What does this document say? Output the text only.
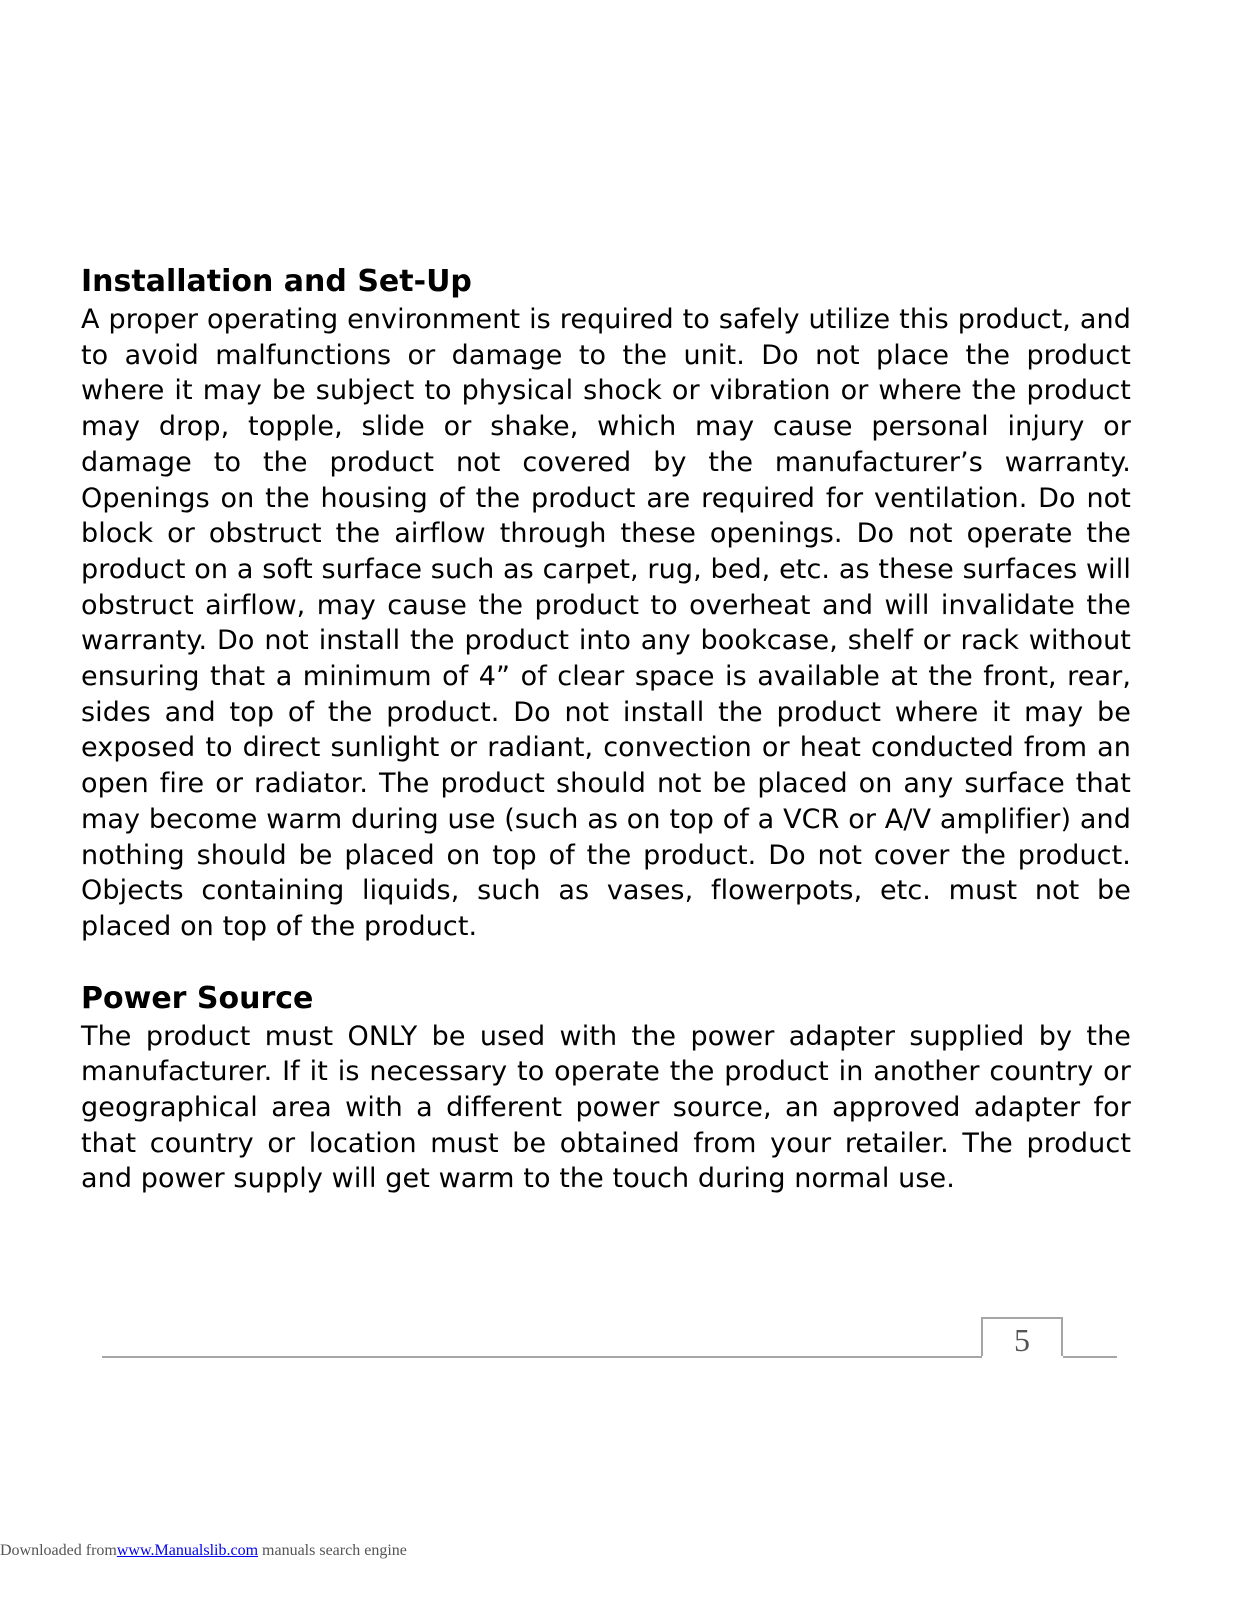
Installation and Set-Up

A proper operating environment is required to safely utilize this product, and to avoid malfunctions or damage to the unit. Do not place the product where it may be subject to physical shock or vibration or where the product may drop, topple, slide or shake, which may cause personal injury or damage to the product not covered by the manufacturer’s warranty. Openings on the housing of the product are required for ventilation. Do not block or obstruct the airflow through these openings. Do not operate the product on a soft surface such as carpet, rug, bed, etc. as these surfaces will obstruct airflow, may cause the product to overheat and will invalidate the warranty. Do not install the product into any bookcase, shelf or rack without ensuring that a minimum of 4” of clear space is available at the front, rear, sides and top of the product. Do not install the product where it may be exposed to direct sunlight or radiant, convection or heat conducted from an open fire or radiator. The product should not be placed on any surface that may become warm during use (such as on top of a VCR or A/V amplifier) and nothing should be placed on top of the product. Do not cover the product. Objects containing liquids, such as vases, flowerpots, etc. must not be placed on top of the product.

Power Source

The product must ONLY be used with the power adapter supplied by the manufacturer. If it is necessary to operate the product in another country or geographical area with a different power source, an approved adapter for that country or location must be obtained from your retailer. The product and power supply will get warm to the touch during normal use.

5
Downloaded fromwww.Manualslib.com manuals search engine
